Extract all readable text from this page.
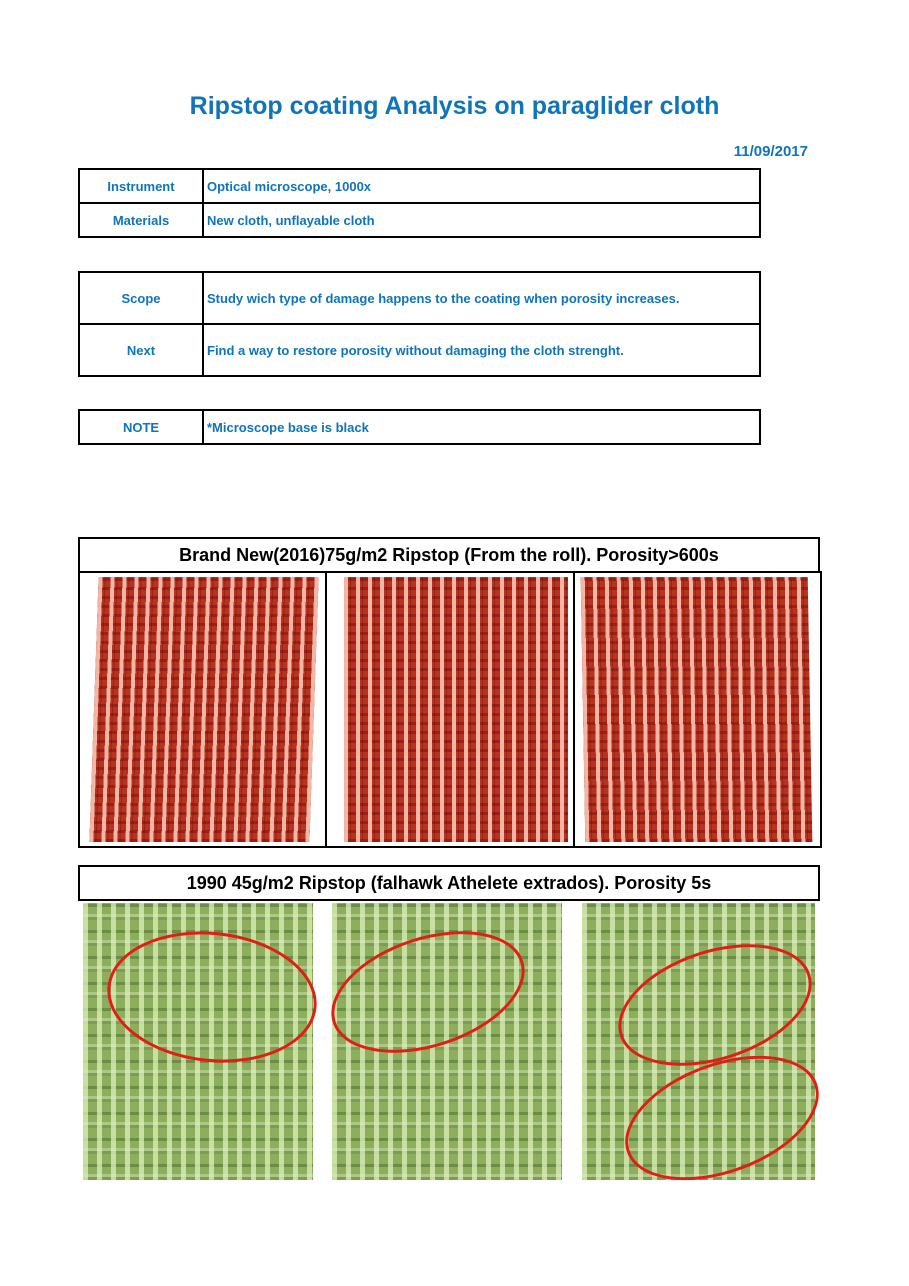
Ripstop coating Analysis on paraglider cloth
11/09/2017
Instrument	Optical microscope, 1000x
Materials	New cloth, unflayable cloth
Scope	Study wich type of damage happens to the coating when porosity increases.
Next	Find a way to restore porosity without damaging the cloth strenght.
NOTE	*Microscope base is black
Brand New(2016)75g/m2 Ripstop (From the roll). Porosity>600s
1990 45g/m2 Ripstop (falhawk Athelete extrados). Porosity 5s
